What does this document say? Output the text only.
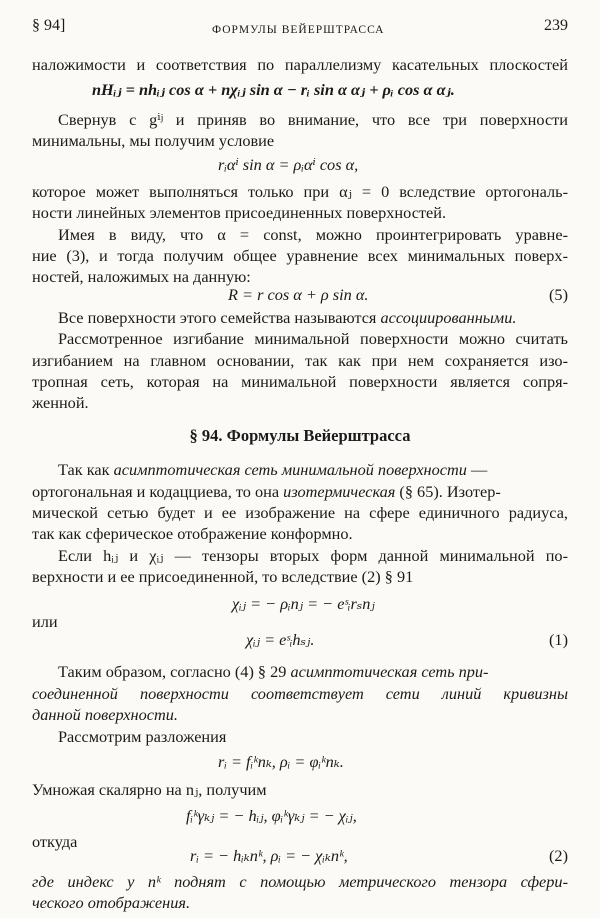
§ 94]	ФОРМУЛЫ ВЕЙЕРШТРАССА	239
наложимости и соответствия по параллелизму касательных плоскостей
nHᵢⱼ = nhᵢⱼ cos α + nχᵢⱼ sin α − rᵢ sin α αⱼ + ρᵢ cos α αⱼ.
Свернув с gⁱʲ и приняв во внимание, что все три поверхности
минимальны, мы получим условие
rᵢαⁱ sin α = ρᵢαⁱ cos α,
которое может выполняться только при αⱼ = 0 вследствие ортогональ-
ности линейных элементов присоединенных поверхностей.
Имея в виду, что α = const, можно проинтегрировать уравне-
ние (3), и тогда получим общее уравнение всех минимальных поверх-
ностей, наложимых на данную:
R = r cos α + ρ sin α.	(5)
Все поверхности этого семейства называются ассоциированными.
Рассмотренное изгибание минимальной поверхности можно считать
изгибанием на главном основании, так как при нем сохраняется изо-
тропная сеть, которая на минимальной поверхности является сопря-
женной.
§ 94. Формулы Вейерштрасса
Так как асимптотическая сеть минимальной поверхности —
ортогональная и кодацциева, то она изотермическая (§ 65). Изотер-
мической сетью будет и ее изображение на сфере единичного радиуса,
так как сферическое отображение конформно.
Если hᵢⱼ и χᵢⱼ — тензоры вторых форм данной минимальной по-
верхности и ее присоединенной, то вследствие (2) § 91
χᵢⱼ = − ρᵢnⱼ = − eˢᵢrₛnⱼ
или
χᵢⱼ = eˢᵢhₛⱼ.	(1)
Таким образом, согласно (4) § 29 асимптотическая сеть при-
соединенной поверхности соответствует сети линий кривизны
данной поверхности.
Рассмотрим разложения
rᵢ = fᵢᵏnₖ, ρᵢ = φᵢᵏnₖ.
Умножая скалярно на nⱼ, получим
fᵢᵏγₖⱼ = − hᵢⱼ, φᵢᵏγₖⱼ = − χᵢⱼ,
откуда
rᵢ = − hᵢₖnᵏ, ρᵢ = − χᵢₖnᵏ,	(2)
где индекс у nᵏ поднят с помощью метрического тензора сфери-
ческого отображения.
